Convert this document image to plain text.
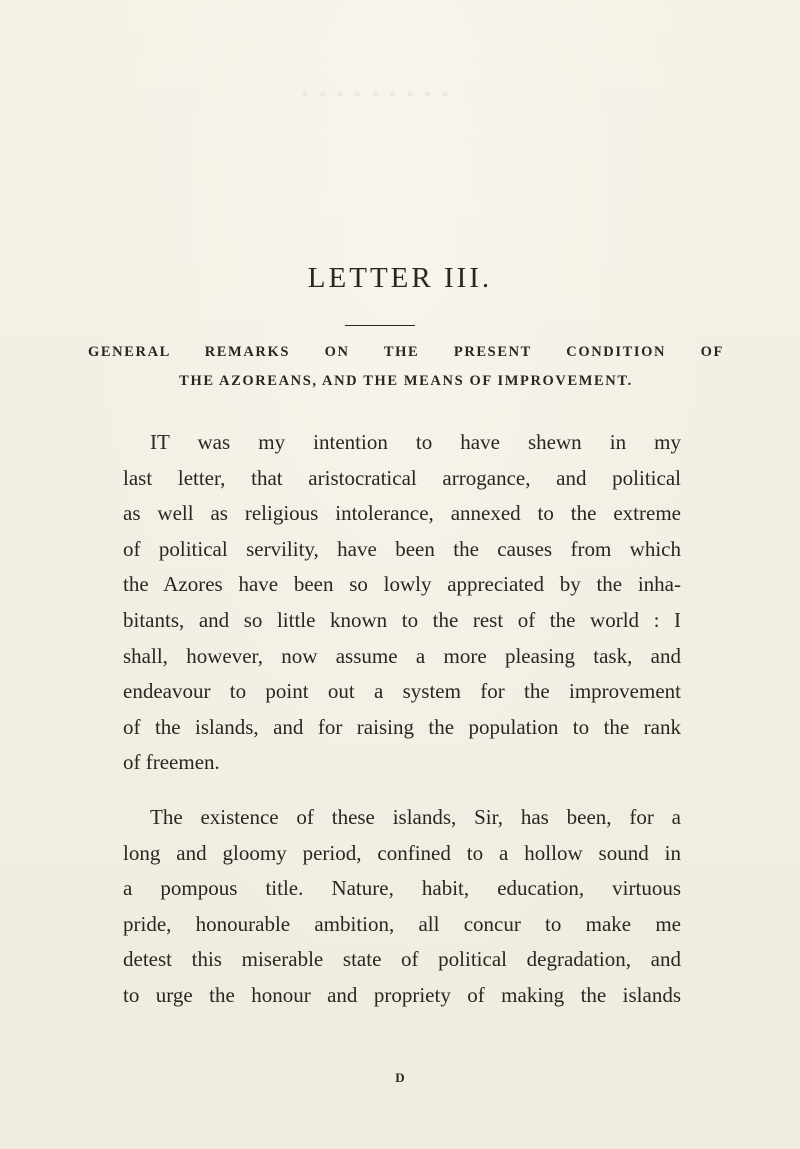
· · · · · · · · ·
LETTER III.

GENERAL REMARKS ON THE PRESENT CONDITION OF

THE AZOREANS, AND THE MEANS OF IMPROVEMENT.

IT was my intention to have shewn in my
last letter, that aristocratical arrogance, and political
as well as religious intolerance, annexed to the extreme
of political servility, have been the causes from which
the Azores have been so lowly appreciated by the inha-
bitants, and so little known to the rest of the world : I
shall, however, now assume a more pleasing task, and
endeavour to point out a system for the improvement
of the islands, and for raising the population to the rank
of freemen.
The existence of these islands, Sir, has been, for a
long and gloomy period, confined to a hollow sound in
a pompous title. Nature, habit, education, virtuous
pride, honourable ambition, all concur to make me
detest this miserable state of political degradation, and
to urge the honour and propriety of making the islands
D
